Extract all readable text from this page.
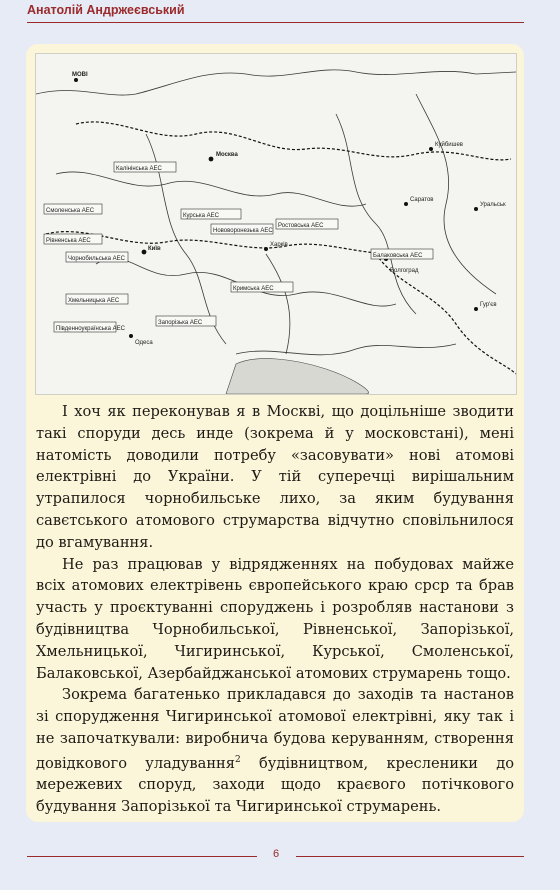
Анатолій Андржеєвський
МОВІ
Москва
Смоленська АЕС
Калінінська АЕС
Курська АЕС
Нововоронезька АЕС
Чорнобильська АЕС
Рівненська АЕС
Хмельницька АЕС
Запорізька АЕС
Балаковська АЕС
Ростовська АЕС
Південноукраїнська АЕС
Кримська АЕС
Київ
Харків
Одеса
Саратов
Куйбишев
Волгоград
Уральськ
Гур'єв

І хоч як переконував я в Москві, що доцільніше зводити такі споруди десь инде (зокрема й у московстані), мені натомість доводили потребу «засовувати» нові атомові електрівні до України. У тій суперечці вирішальним утрапилося чорнобильське лихо, за яким будування савєтського атомового струмарства відчутно сповільнилося до вгамування.

Не раз працював у відрядженнях на побудовах майже всіх атомових електрівень європейського краю срср та брав участь у проєктуванні споруджень і розробляв настанови з будівництва Чорнобильської, Рівненської, Запорізької, Хмельницької, Чигиринської, Курської, Смоленської, Балаковської, Азербайджанської атомових струмарень тощо.

Зокрема багатенько прикладався до заходів та настанов зі спорудження Чигиринської атомової електрівні, яку так і не започаткували: виробнича будова керуванням, створення довідкового уладування$^2$ будівництвом, кресленики до мережевих споруд, заходи щодо краєвого потічкового будування Запорізької та Чигиринської струмарень.

6
